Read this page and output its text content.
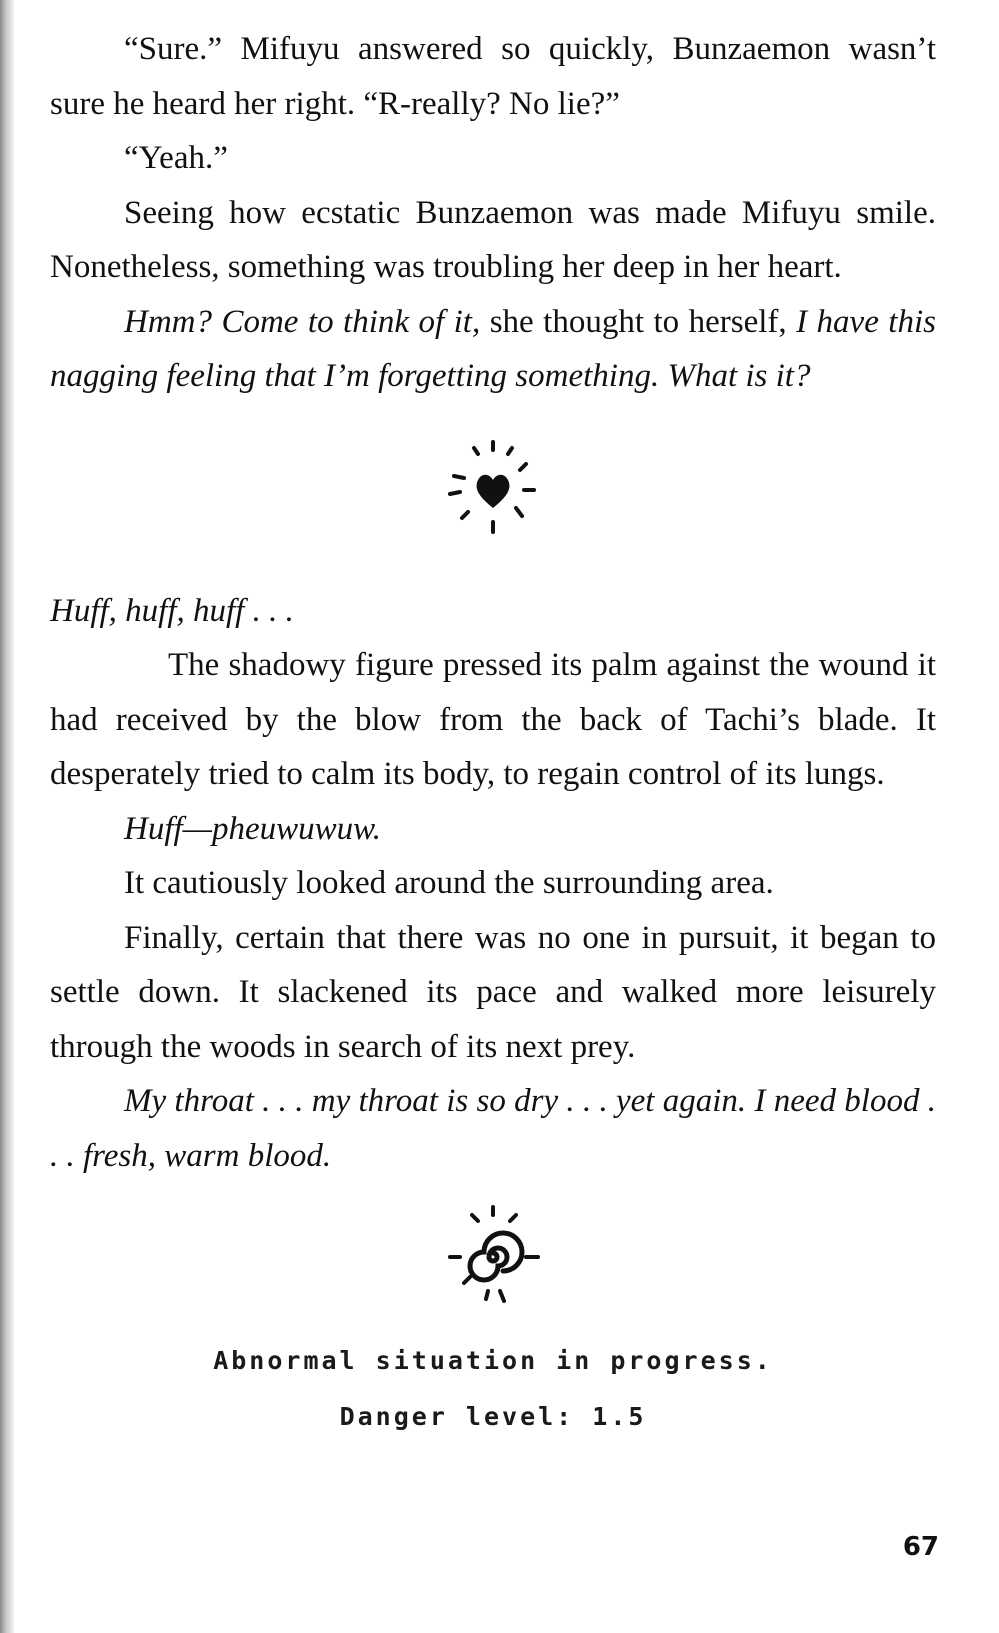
“Sure.” Mifuyu answered so quickly, Bunzaemon wasn’t sure he heard her right. “R-really? No lie?”

“Yeah.”

Seeing how ecstatic Bunzaemon was made Mifuyu smile. Nonetheless, something was troubling her deep in her heart.

Hmm? Come to think of it, she thought to herself, I have this nagging feeling that I’m forgetting something. What is it?

Huff, huff, huff . . .

The shadowy figure pressed its palm against the wound it had received by the blow from the back of Tachi’s blade. It desperately tried to calm its body, to regain control of its lungs.

Huff—pheuwuwuw.

It cautiously looked around the surrounding area.

Finally, certain that there was no one in pursuit, it began to settle down. It slackened its pace and walked more leisurely through the woods in search of its next prey.

My throat . . . my throat is so dry . . . yet again. I need blood . . . fresh, warm blood.

Abnormal situation in progress.

Danger level: 1.5

67
